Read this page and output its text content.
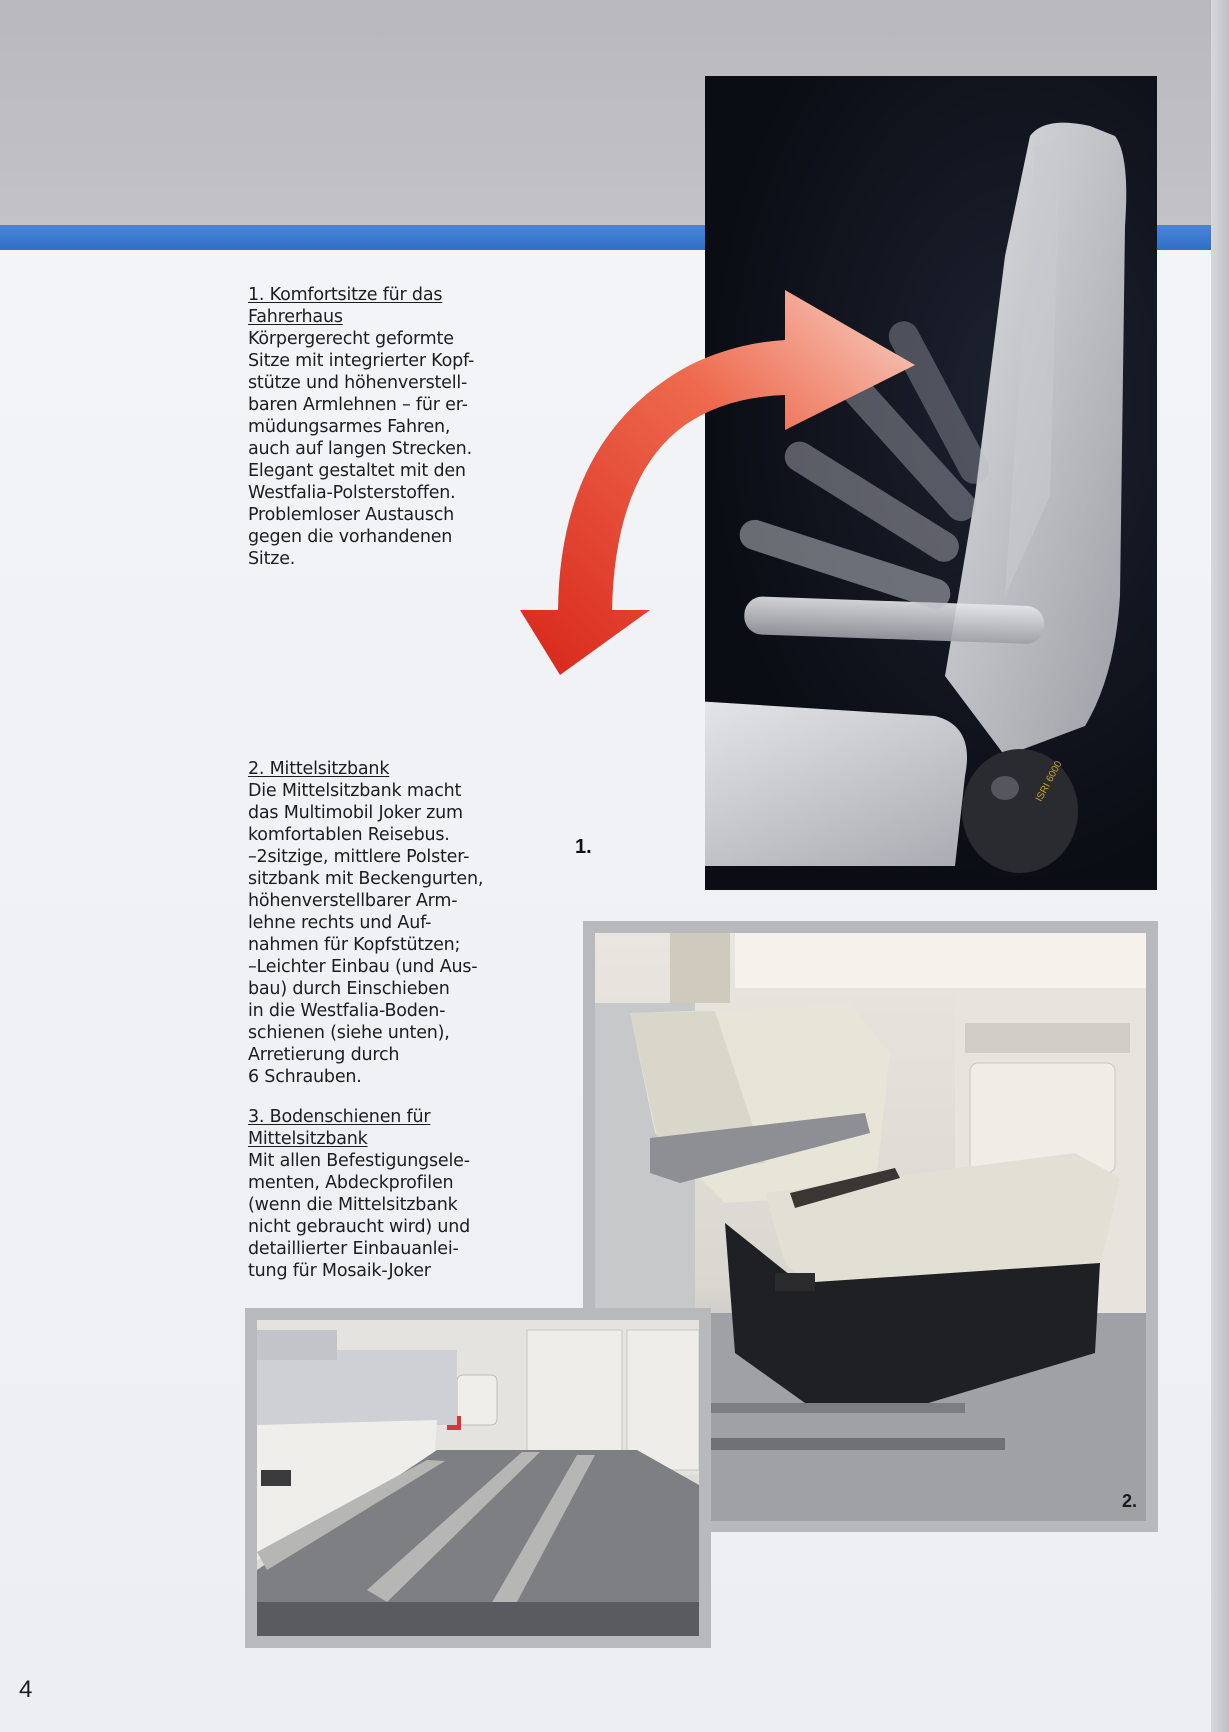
1. Komfortsitze für das
Fahrerhaus
Körpergerecht geformte
Sitze mit integrierter Kopf-
stütze und höhenverstell-
baren Armlehnen – für er-
müdungsarmes Fahren,
auch auf langen Strecken.
Elegant gestaltet mit den
Westfalia-Polsterstoffen.
Problemloser Austausch
gegen die vorhandenen
Sitze.
2. Mittelsitzbank
Die Mittelsitzbank macht
das Multimobil Joker zum
komfortablen Reisebus.
–2sitzige, mittlere Polster-
sitzbank mit Beckengurten,
höhenverstellbarer Arm-
lehne rechts und Auf-
nahmen für Kopfstützen;
–Leichter Einbau (und Aus-
bau) durch Einschieben
in die Westfalia-Boden-
schienen (siehe unten),
Arretierung durch
6 Schrauben.
3. Bodenschienen für
Mittelsitzbank
Mit allen Befestigungsele-
menten, Abdeckprofilen
(wenn die Mittelsitzbank
nicht gebraucht wird) und
detaillierter Einbauanlei-
tung für Mosaik-Joker
ISRI 6000
1.
2.
4
